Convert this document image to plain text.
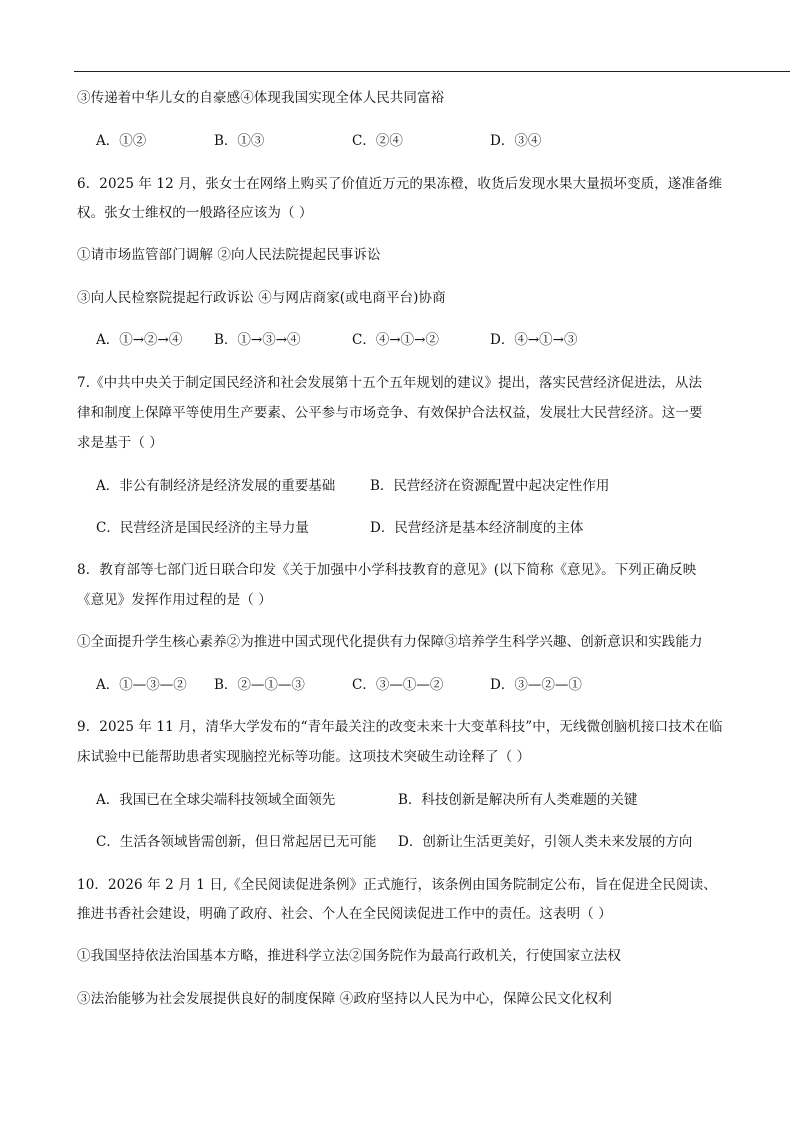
③传递着中华儿女的自豪感④体现我国实现全体人民共同富裕
A．①②	B．①③	C．②④	D．③④
6．2025 年 12 月，张女士在网络上购买了价值近万元的果冻橙，收货后发现水果大量损坏变质，遂准备维
权。张女士维权的一般路径应该为（ ）
①请市场监管部门调解 ②向人民法院提起民事诉讼
③向人民检察院提起行政诉讼 ④与网店商家(或电商平台)协商
A．①→②→④ B．①→③→④	C．④→①→②	D．④→①→③
7.《中共中央关于制定国民经济和社会发展第十五个五年规划的建议》提出，落实民营经济促进法，从法
律和制度上保障平等使用生产要素、公平参与市场竞争、有效保护合法权益，发展壮大民营经济。这一要
求是基于（ ）
A．非公有制经济是经济发展的重要基础	B．民营经济在资源配置中起决定性作用
C．民营经济是国民经济的主导力量	D．民营经济是基本经济制度的主体
8．教育部等七部门近日联合印发《关于加强中小学科技教育的意见》(以下简称《意见》。下列正确反映
《意见》发挥作用过程的是（ ）
①全面提升学生核心素养②为推进中国式现代化提供有力保障③培养学生科学兴趣、创新意识和实践能力
A．①—③—② B．②—①—③	C．③—①—②	D．③—②—①
9．2025 年 11 月，清华大学发布的“青年最关注的改变未来十大变革科技”中，无线微创脑机接口技术在临
床试验中已能帮助患者实现脑控光标等功能。这项技术突破生动诠释了（ ）
A．我国已在全球尖端科技领域全面领先	B．科技创新是解决所有人类难题的关键
C．生活各领域皆需创新，但日常起居已无可能 D．创新让生活更美好，引领人类未来发展的方向
10．2026 年 2 月 1 日,《全民阅读促进条例》正式施行，该条例由国务院制定公布，旨在促进全民阅读、
推进书香社会建设，明确了政府、社会、个人在全民阅读促进工作中的责任。这表明（ ）
①我国坚持依法治国基本方略，推进科学立法②国务院作为最高行政机关，行使国家立法权
③法治能够为社会发展提供良好的制度保障 ④政府坚持以人民为中心，保障公民文化权利
